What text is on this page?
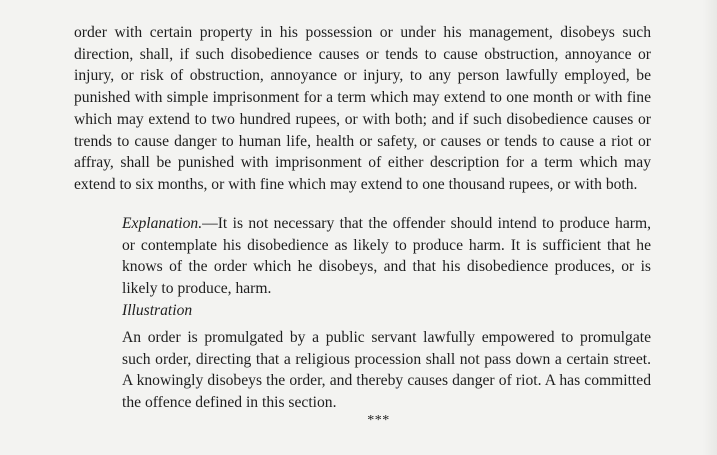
order with certain property in his possession or under his management, disobeys such direction, shall, if such disobedience causes or tends to cause obstruction, annoyance or injury, or risk of obstruction, annoyance or injury, to any person lawfully employed, be punished with simple imprisonment for a term which may extend to one month or with fine which may extend to two hundred rupees, or with both; and if such disobedience causes or trends to cause danger to human life, health or safety, or causes or tends to cause a riot or affray, shall be punished with imprisonment of either description for a term which may extend to six months, or with fine which may extend to one thousand rupees, or with both.

Explanation.—It is not necessary that the offender should intend to produce harm, or contemplate his disobedience as likely to produce harm. It is sufficient that he knows of the order which he disobeys, and that his disobedience produces, or is likely to produce, harm.

Illustration

An order is promulgated by a public servant lawfully empowered to promulgate such order, directing that a religious procession shall not pass down a certain street. A knowingly disobeys the order, and thereby causes danger of riot. A has committed the offence defined in this section.

***
